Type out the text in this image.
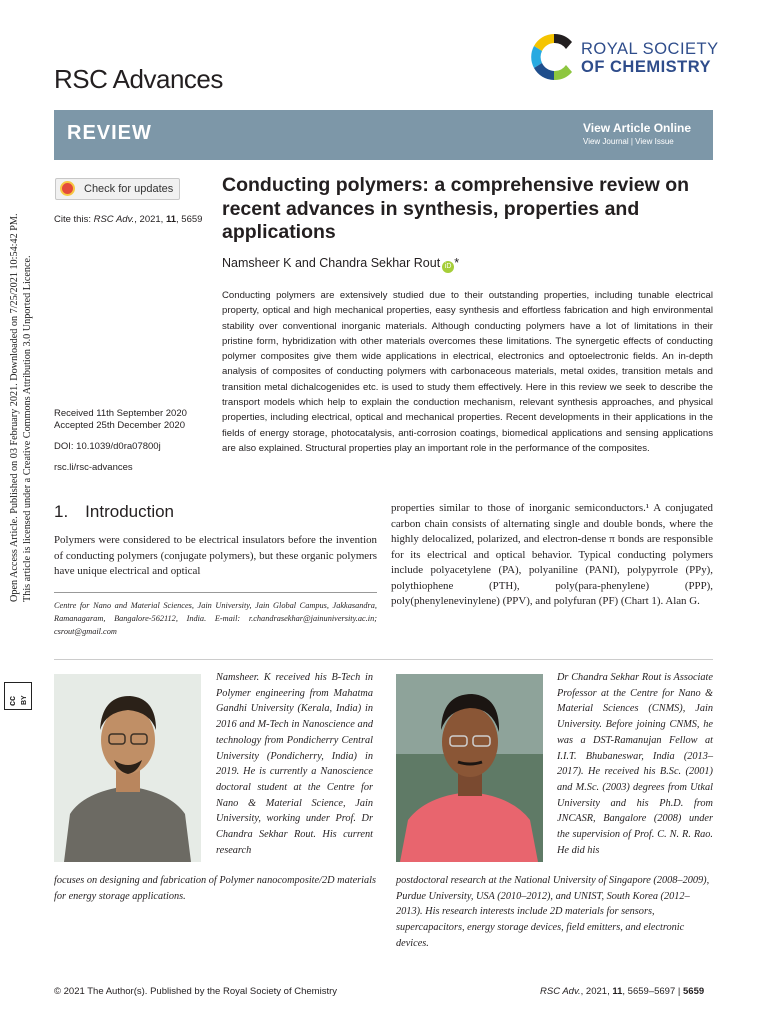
cc BY
Open Access Article. Published on 03 February 2021. Downloaded on 7/25/2021 10:54:42 PM. This article is licensed under a Creative Commons Attribution 3.0 Unported Licence.
RSC Advances
ROYAL SOCIETY
OF CHEMISTRY
REVIEW	View Article Online
View Journal | View Issue
Check for updates
Cite this: RSC Adv., 2021, 11, 5659
Received 11th September 2020
Accepted 25th December 2020
DOI: 10.1039/d0ra07800j
rsc.li/rsc-advances
Conducting polymers: a comprehensive review on recent advances in synthesis, properties and applications
Namsheer K and Chandra Sekhar Rout iD *
Conducting polymers are extensively studied due to their outstanding properties, including tunable electrical property, optical and high mechanical properties, easy synthesis and effortless fabrication and high environmental stability over conventional inorganic materials. Although conducting polymers have a lot of limitations in their pristine form, hybridization with other materials overcomes these limitations. The synergetic effects of conducting polymer composites give them wide applications in electrical, electronics and optoelectronic fields. An in-depth analysis of composites of conducting polymers with carbonaceous materials, metal oxides, transition metals and transition metal dichalcogenides etc. is used to study them effectively. Here in this review we seek to describe the transport models which help to explain the conduction mechanism, relevant synthesis approaches, and physical properties, including electrical, optical and mechanical properties. Recent developments in their applications in the fields of energy storage, photocatalysis, anti-corrosion coatings, biomedical applications and sensing applications are also explained. Structural properties play an important role in the performance of the composites.
1. Introduction
Polymers were considered to be electrical insulators before the invention of conducting polymers (conjugate polymers), but these organic polymers have unique electrical and optical
properties similar to those of inorganic semiconductors.¹ A conjugated carbon chain consists of alternating single and double bonds, where the highly delocalized, polarized, and electron-dense π bonds are responsible for its electrical and optical behavior. Typical conducting polymers include polyacetylene (PA), polyaniline (PANI), polypyrrole (PPy), polythiophene (PTH), poly(para-phenylene) (PPP), poly(phenylenevinylene) (PPV), and polyfuran (PF) (Chart 1). Alan G.
Centre for Nano and Material Sciences, Jain University, Jain Global Campus, Jakkasandra, Ramanagaram, Bangalore-562112, India. E-mail: r.chandrasekhar@jainuniversity.ac.in; csrout@gmail.com
Namsheer. K received his B-Tech in Polymer engineering from Mahatma Gandhi University (Kerala, India) in 2016 and M-Tech in Nanoscience and technology from Pondicherry Central University (Pondicherry, India) in 2019. He is currently a Nanoscience doctoral student at the Centre for Nano & Material Science, Jain University, working under Prof. Dr Chandra Sekhar Rout. His current research
focuses on designing and fabrication of Polymer nanocomposite/2D materials for energy storage applications.
Dr Chandra Sekhar Rout is Associate Professor at the Centre for Nano & Material Sciences (CNMS), Jain University. Before joining CNMS, he was a DST-Ramanujan Fellow at I.I.T. Bhubaneswar, India (2013–2017). He received his B.Sc. (2001) and M.Sc. (2003) degrees from Utkal University and his Ph.D. from JNCASR, Bangalore (2008) under the supervision of Prof. C. N. R. Rao. He did his
postdoctoral research at the National University of Singapore (2008–2009), Purdue University, USA (2010–2012), and UNIST, South Korea (2012–2013). His research interests include 2D materials for sensors, supercapacitors, energy storage devices, field emitters, and electronic devices.
© 2021 The Author(s). Published by the Royal Society of Chemistry	RSC Adv., 2021, 11, 5659–5697 | 5659
